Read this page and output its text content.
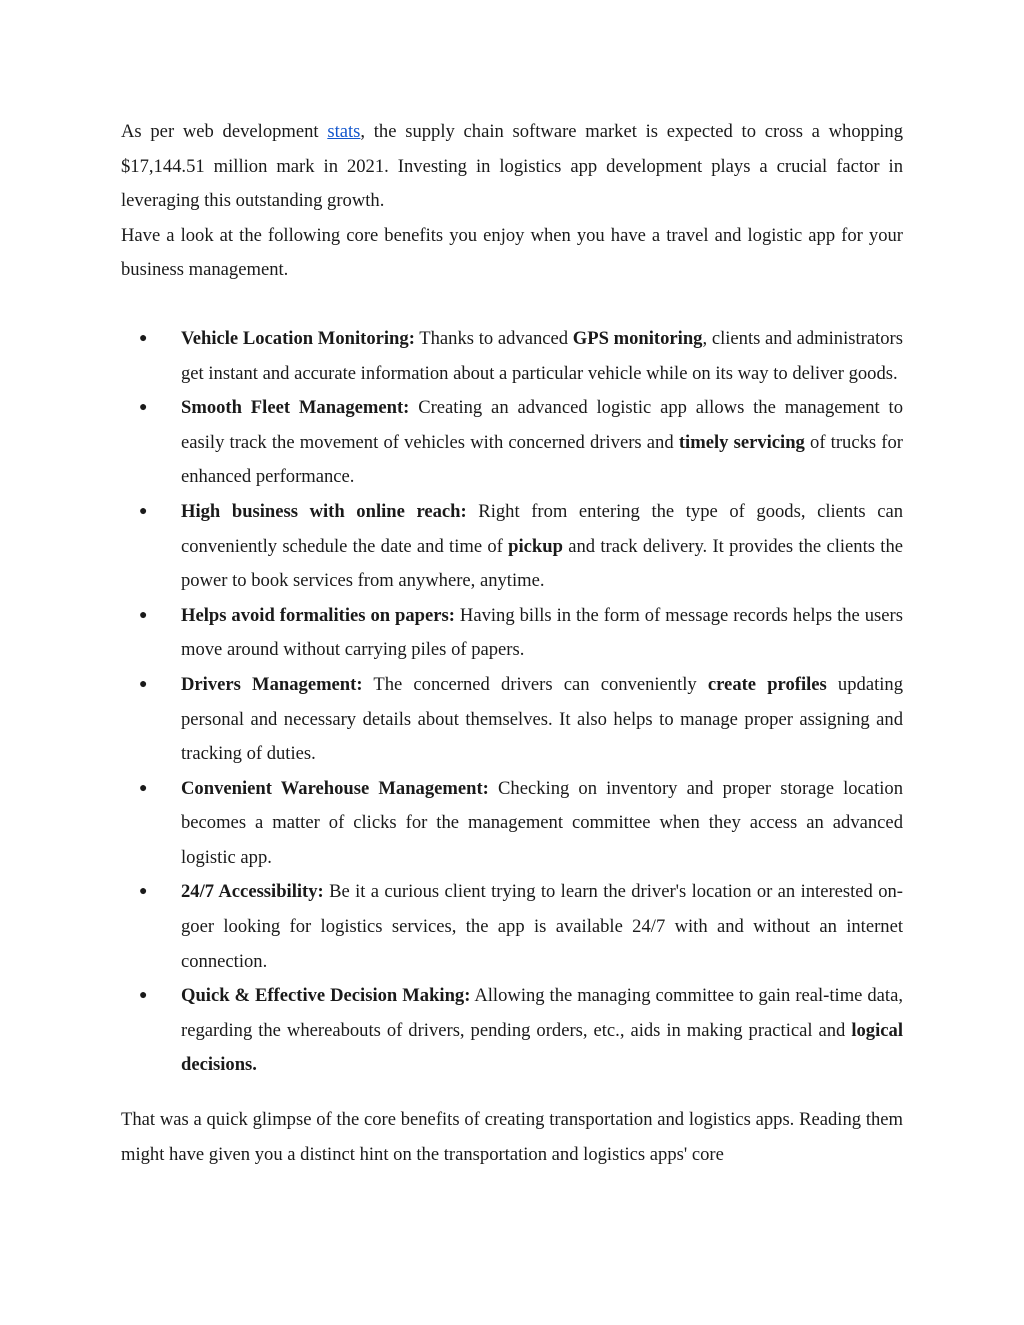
As per web development stats, the supply chain software market is expected to cross a whopping $17,144.51 million mark in 2021. Investing in logistics app development plays a crucial factor in leveraging this outstanding growth.

Have a look at the following core benefits you enjoy when you have a travel and logistic app for your business management.

● Vehicle Location Monitoring: Thanks to advanced GPS monitoring, clients and administrators get instant and accurate information about a particular vehicle while on its way to deliver goods.
● Smooth Fleet Management: Creating an advanced logistic app allows the management to easily track the movement of vehicles with concerned drivers and timely servicing of trucks for enhanced performance.
● High business with online reach: Right from entering the type of goods, clients can conveniently schedule the date and time of pickup and track delivery. It provides the clients the power to book services from anywhere, anytime.
● Helps avoid formalities on papers: Having bills in the form of message records helps the users move around without carrying piles of papers.
● Drivers Management: The concerned drivers can conveniently create profiles updating personal and necessary details about themselves. It also helps to manage proper assigning and tracking of duties.
● Convenient Warehouse Management: Checking on inventory and proper storage location becomes a matter of clicks for the management committee when they access an advanced logistic app.
● 24/7 Accessibility: Be it a curious client trying to learn the driver's location or an interested on-goer looking for logistics services, the app is available 24/7 with and without an internet connection.
● Quick & Effective Decision Making: Allowing the managing committee to gain real-time data, regarding the whereabouts of drivers, pending orders, etc., aids in making practical and logical decisions.

That was a quick glimpse of the core benefits of creating transportation and logistics apps. Reading them might have given you a distinct hint on the transportation and logistics apps' core
